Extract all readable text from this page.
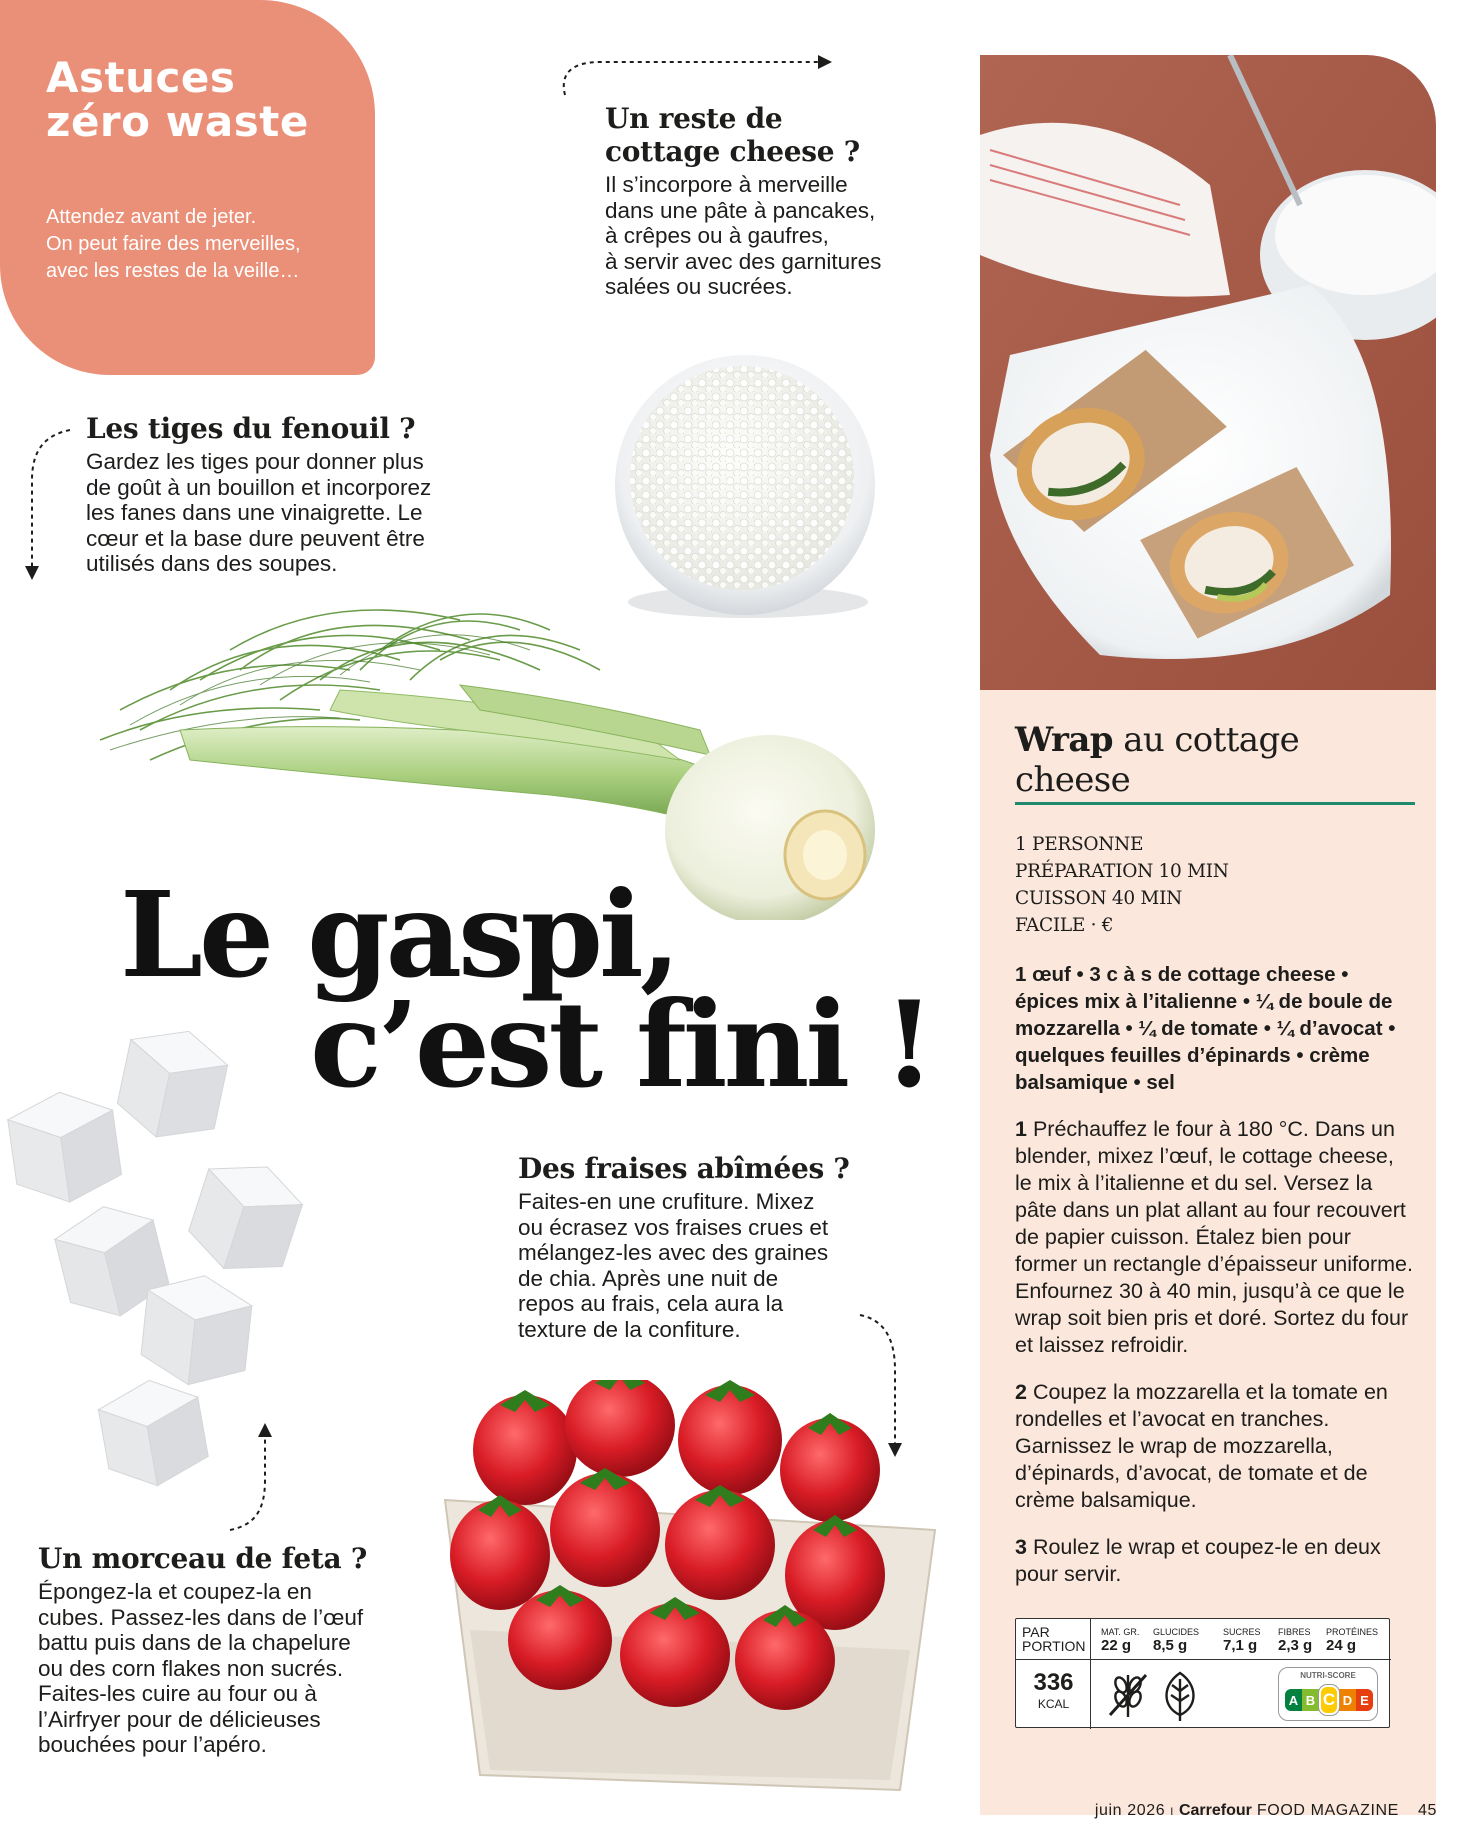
Astuces
zéro waste

Attendez avant de jeter.
On peut faire des merveilles,
avec les restes de la veille…

Un reste de
cottage cheese ?

Il s’incorpore à merveille
dans une pâte à pancakes,
à crêpes ou à gaufres,
à servir avec des garnitures
salées ou sucrées.

Les tiges du fenouil ?

Gardez les tiges pour donner plus
de goût à un bouillon et incorporez
les fanes dans une vinaigrette. Le
cœur et la base dure peuvent être
utilisés dans des soupes.

Le gaspi,
c’est fini !
Des fraises abîmées ?

Faites-en une crufiture. Mixez
ou écrasez vos fraises crues et
mélangez-les avec des graines
de chia. Après une nuit de
repos au frais, cela aura la
texture de la confiture.

Un morceau de feta ?

Épongez-la et coupez-la en
cubes. Passez-les dans de l’œuf
battu puis dans de la chapelure
ou des corn flakes non sucrés.
Faites-les cuire au four ou à
l’Airfryer pour de délicieuses
bouchées pour l’apéro.

Wrap au cottage cheese
1 PERSONNE
PRÉPARATION 10 MIN
CUISSON 40 MIN
FACILE · €
1 œuf • 3 c à s de cottage cheese • épices mix à l’italienne • ¼ de boule de mozzarella • ¼ de tomate • ¼ d’avocat • quelques feuilles d’épinards • crème balsamique • sel
1 Préchauffez le four à 180 °C. Dans un blender, mixez l’œuf, le cottage cheese, le mix à l’italienne et du sel. Versez la pâte dans un plat allant au four recouvert de papier cuisson. Étalez bien pour former un rectangle d’épaisseur uniforme. Enfournez 30 à 40 min, jusqu’à ce que le wrap soit bien pris et doré. Sortez du four et laissez refroidir.
2 Coupez la mozzarella et la tomate en rondelles et l’avocat en tranches. Garnissez le wrap de mozzarella, d’épinards, d’avocat, de tomate et de crème balsamique.
3 Roulez le wrap et coupez-le en deux pour servir.
PAR
PORTION
336
KCAL
MAT. GR.
22 g
GLUCIDES
8,5 g
SUCRES
7,1 g
FIBRES
2,3 g
PROTÉINES
24 g
NUTRI-SCORE
A B C D E
juin 2026 I Carrefour FOOD MAGAZINE 45
